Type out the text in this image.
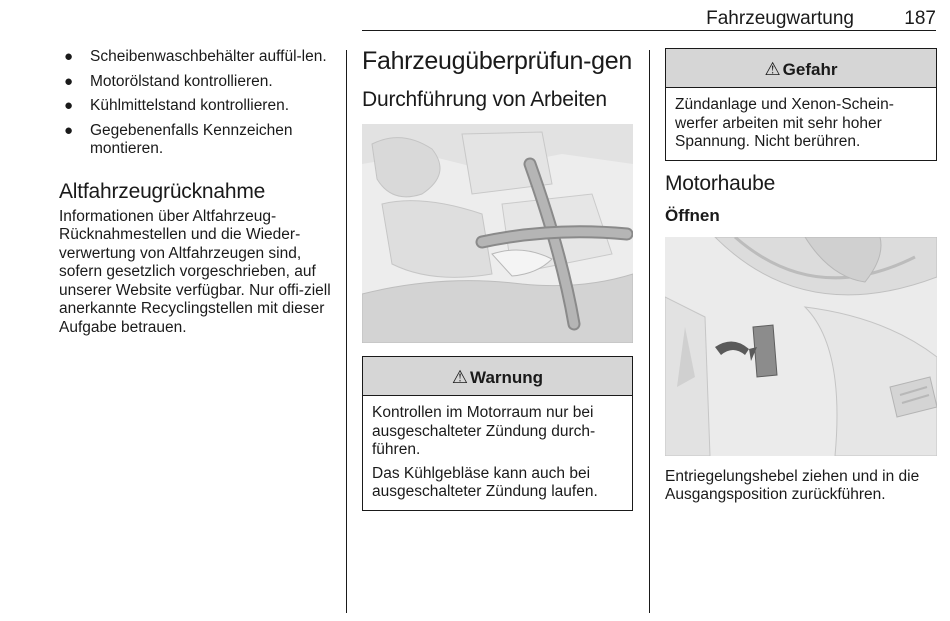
Fahrzeugwartung	187
● Scheibenwaschbehälter auffül-len.
● Motorölstand kontrollieren.
● Kühlmittelstand kontrollieren.
● Gegebenenfalls Kennzeichen montieren.
Altfahrzeugrücknahme

Informationen über Altfahrzeug-Rücknahmestellen und die Wieder-verwertung von Altfahrzeugen sind, sofern gesetzlich vorgeschrieben, auf unserer Website verfügbar. Nur offi-ziell anerkannte Recyclingstellen mit dieser Aufgabe betrauen.

Fahrzeugüberprüfun-gen
Durchführung von Arbeiten
⚠ Warnung

Kontrollen im Motorraum nur bei ausgeschalteter Zündung durch-führen.

Das Kühlgebläse kann auch bei ausgeschalteter Zündung laufen.

⚠ Gefahr

Zündanlage und Xenon-Schein-werfer arbeiten mit sehr hoher Spannung. Nicht berühren.

Motorhaube
Öffnen

Entriegelungshebel ziehen und in die Ausgangsposition zurückführen.
